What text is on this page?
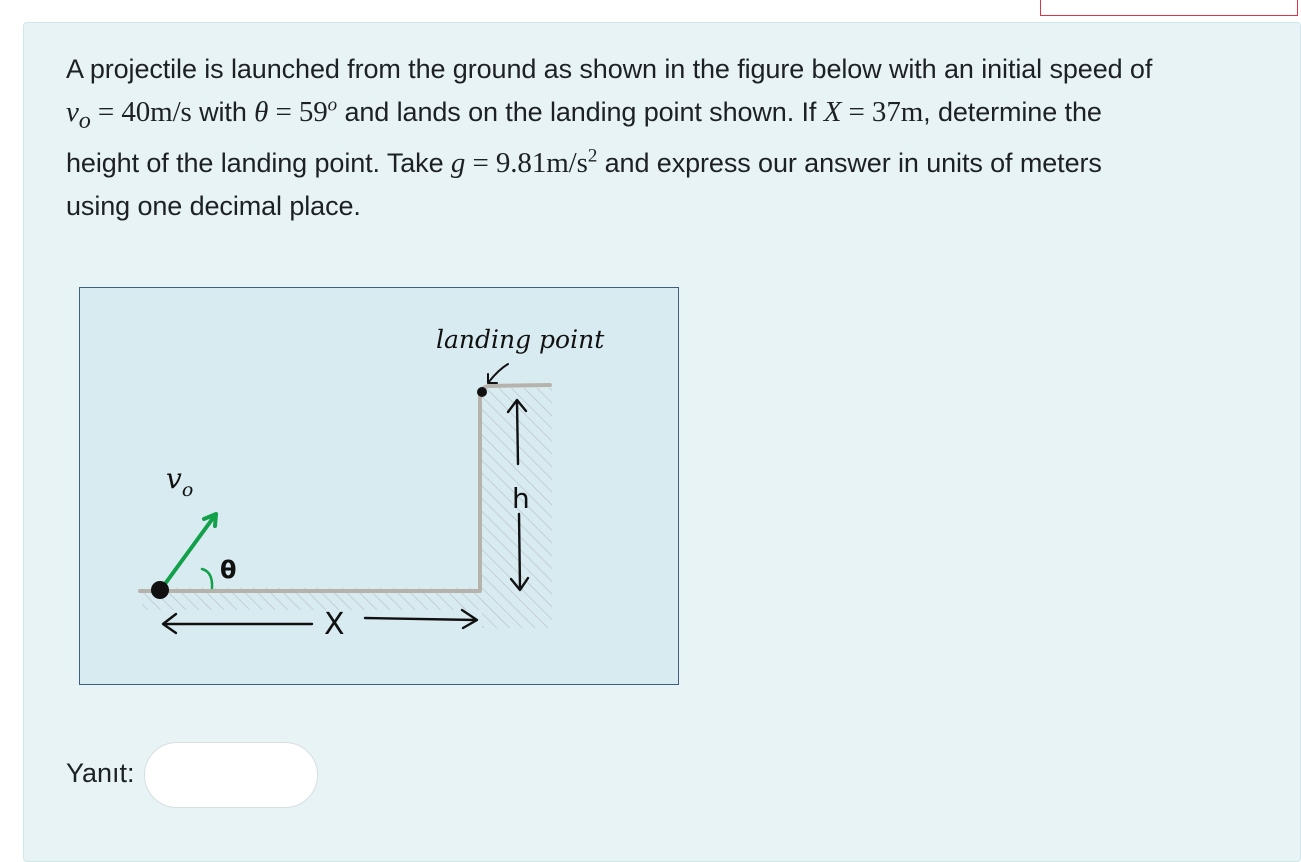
A projectile is launched from the ground as shown in the figure below with an initial speed of

$v_o = 40m/s$ with $\theta = 59^o$ and lands on the landing point shown. If X = 37m, determine the

height of the landing point. Take $g = 9.81m/s^2$ and express our answer in units of meters

using one decimal place.

landing point
h
X
$v_o$
θ
Yanıt:
